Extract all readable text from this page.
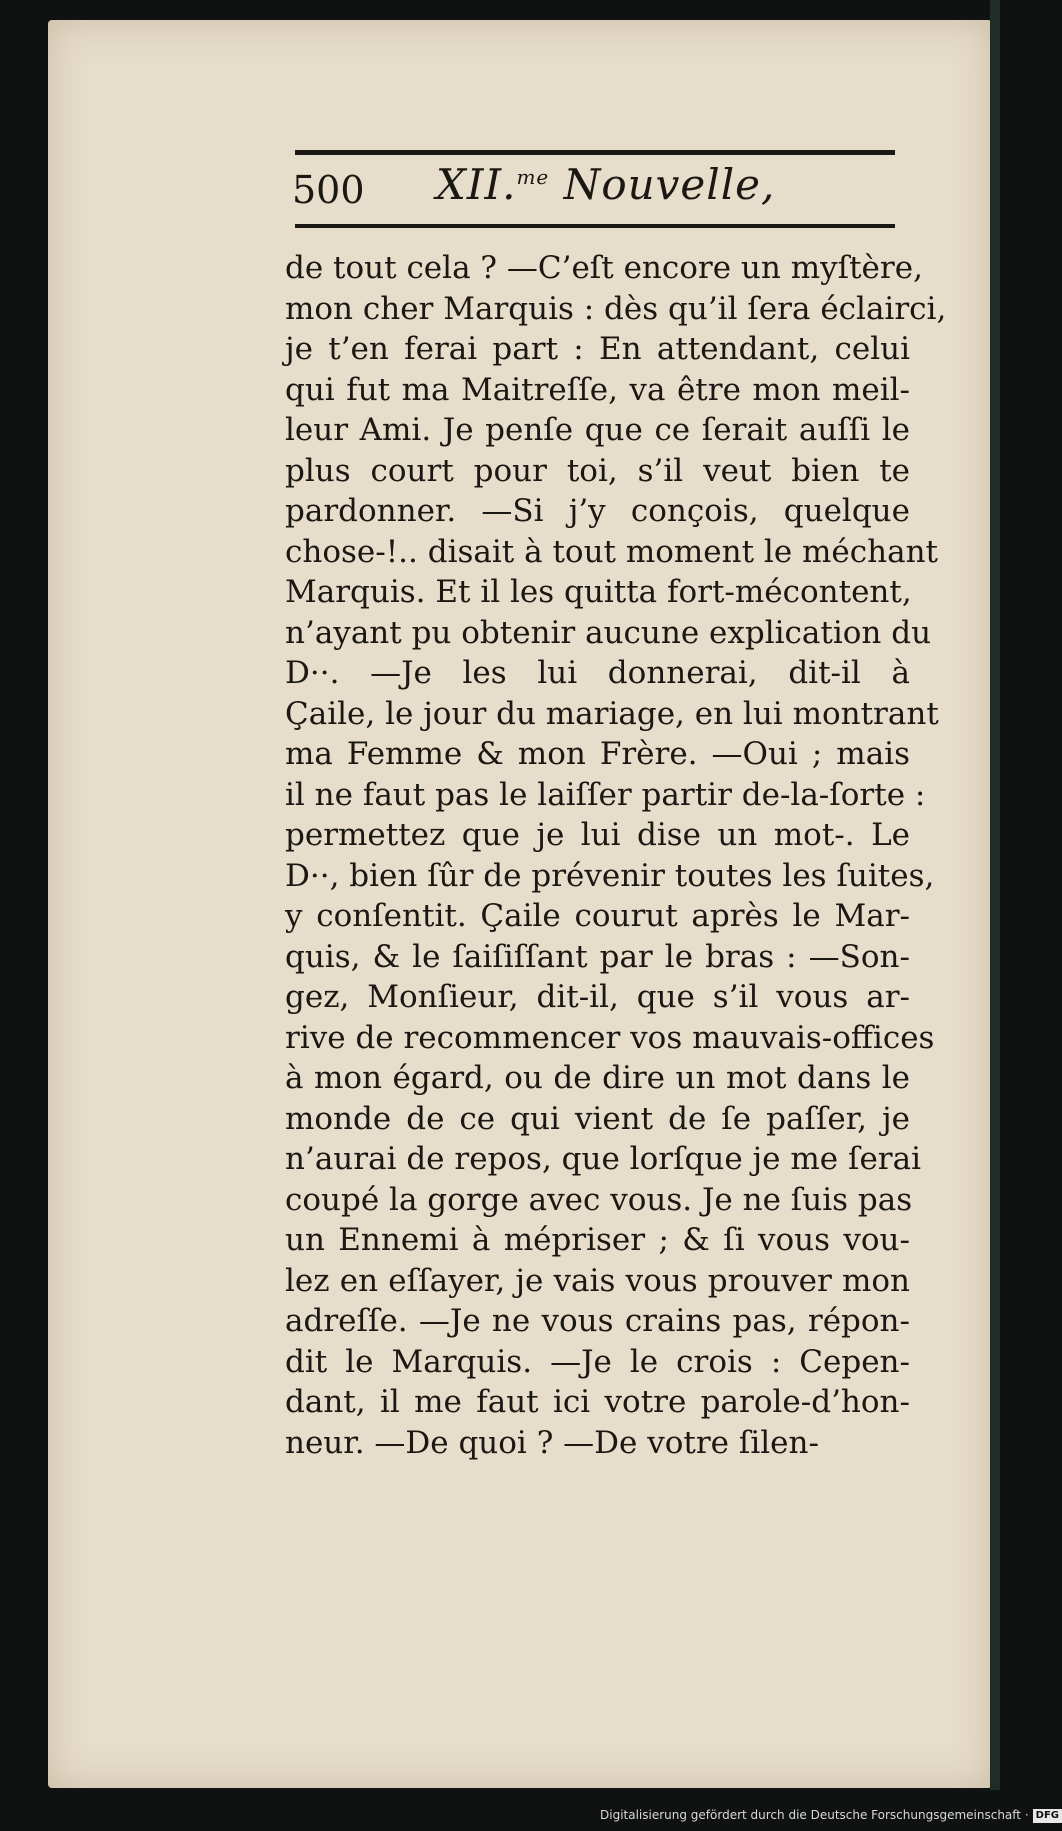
500 XII.$^{me}$ Nouvelle,
de tout cela ? —C’eſt encore un myſtère,
mon cher Marquis : dès qu’il ſera éclairci,
je t’en ferai part : En attendant, celui
qui fut ma Maitreſſe, va être mon meil-
leur Ami. Je penſe que ce ſerait auſſi le
plus court pour toi, s’il veut bien te
pardonner. —Si j’y conçois, quelque
chose-!.. disait à tout moment le méchant
Marquis. Et il les quitta fort-mécontent,
n’ayant pu obtenir aucune explication du
D··. —Je les lui donnerai, dit-il à
Çaile, le jour du mariage, en lui montrant
ma Femme & mon Frère. —Oui ; mais
il ne faut pas le laiſſer partir de-la-ſorte :
permettez que je lui dise un mot-. Le
D··, bien ſûr de prévenir toutes les ſuites,
y conſentit. Çaile courut après le Mar-
quis, & le ſaiſiſſant par le bras : —Son-
gez, Monſieur, dit-il, que s’il vous ar-
rive de recommencer vos mauvais-offices
à mon égard, ou de dire un mot dans le
monde de ce qui vient de ſe paſſer, je
n’aurai de repos, que lorſque je me ſerai
coupé la gorge avec vous. Je ne ſuis pas
un Ennemi à mépriser ; & ſi vous vou-
lez en eſſayer, je vais vous prouver mon
adreſſe. —Je ne vous crains pas, répon-
dit le Marquis. —Je le crois : Cepen-
dant, il me faut ici votre parole-d’hon-
neur. —De quoi ? —De votre ſilen-
Digitalisierung gefördert durch die Deutsche Forschungsgemeinschaft · DFG
